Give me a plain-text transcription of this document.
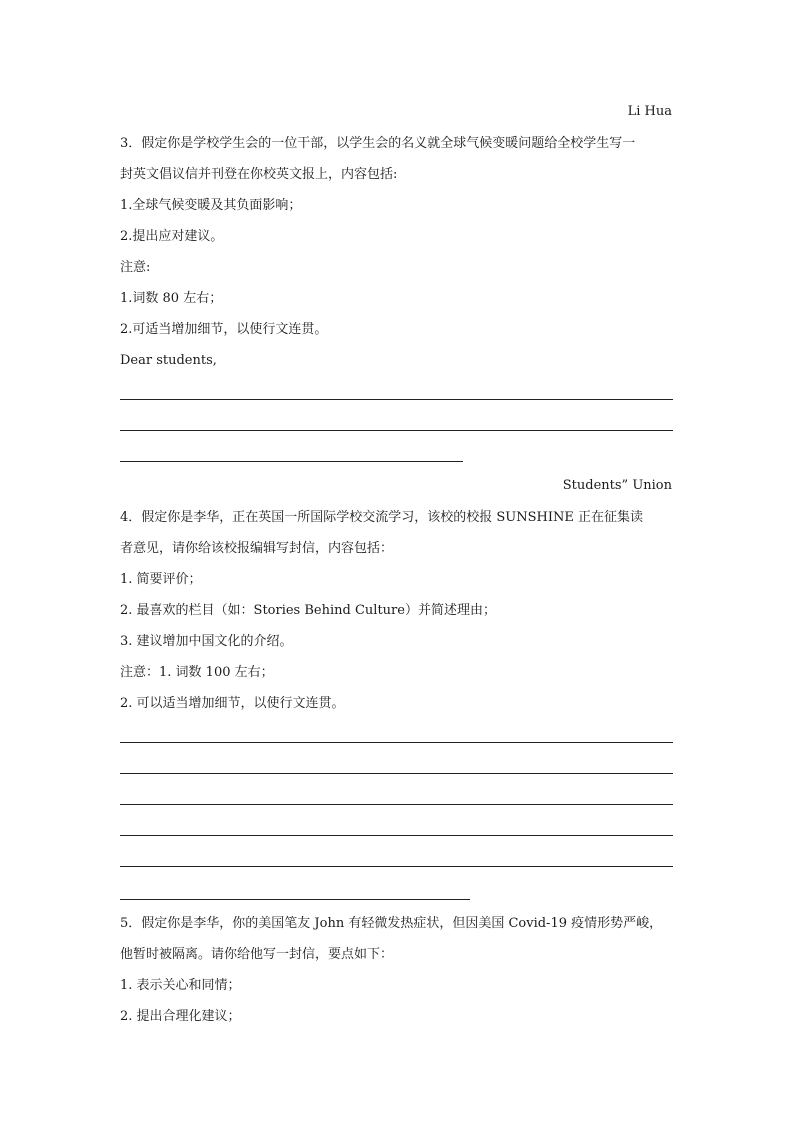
Li Hua
3．假定你是学校学生会的一位干部，以学生会的名义就全球气候变暖问题给全校学生写一
封英文倡议信并刊登在你校英文报上，内容包括:
1.全球气候变暖及其负面影响；
2.提出应对建议。
注意:
1.词数 80 左右；
2.可适当增加细节，以使行文连贯。
Dear students,
Students” Union
4．假定你是李华，正在英国一所国际学校交流学习，该校的校报 SUNSHINE 正在征集读
者意见，请你给该校报编辑写封信，内容包括：
1. 简要评价；
2. 最喜欢的栏目（如：Stories Behind Culture）并简述理由；
3. 建议增加中国文化的介绍。
注意：1. 词数 100 左右；
2. 可以适当增加细节，以使行文连贯。
5．假定你是李华，你的美国笔友 John 有轻微发热症状，但因美国 Covid-19 疫情形势严峻，
他暂时被隔离。请你给他写一封信，要点如下：
1. 表示关心和同情；
2. 提出合理化建议；
